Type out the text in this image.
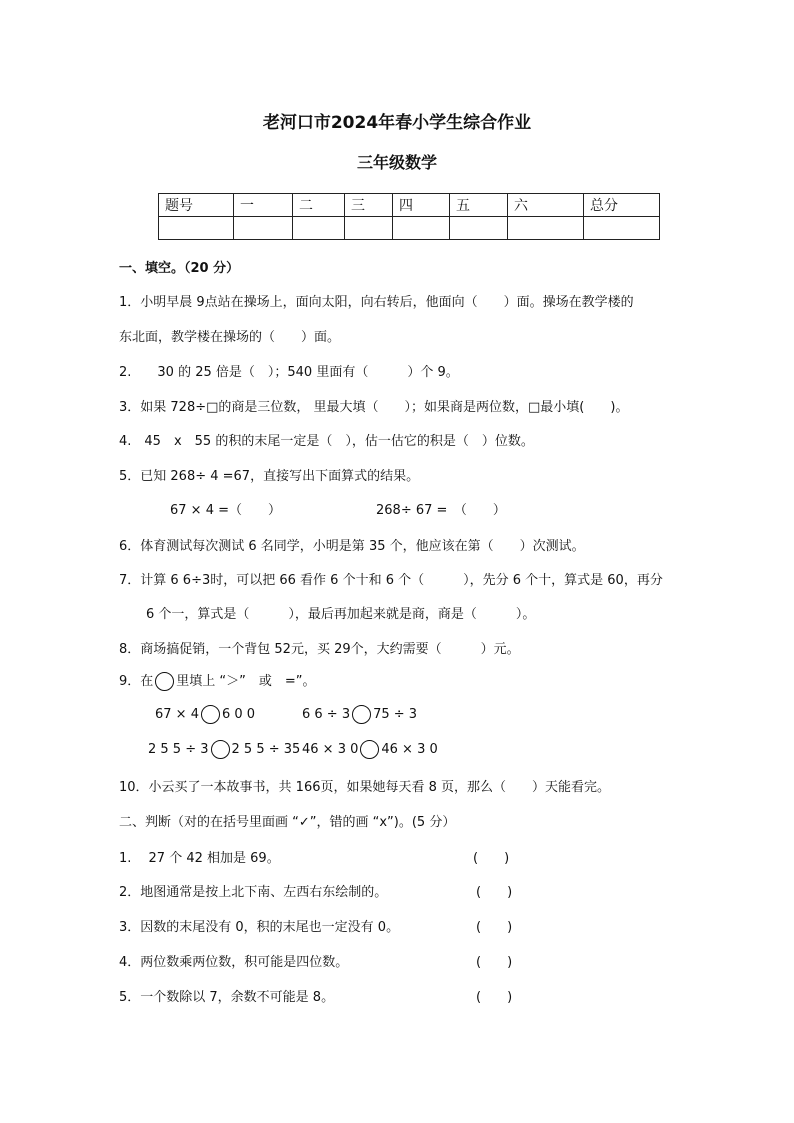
老河口市2024年春小学生综合作业
三年级数学
题号	一	二	三	四	五	六	总分

一、填空。（20 分）
1．小明早晨 9点站在操场上，面向太阳，向右转后，他面向（　　）面。操场在教学楼的
东北面，教学楼在操场的（　　）面。
2.　　30 的 25 倍是（　）；540 里面有（　　　）个 9。
3．如果 728÷□的商是三位数， 里最大填（　　）；如果商是两位数，□最小填(　　)。
4.　45　x　55 的积的末尾一定是（　），估一估它的积是（　）位数。
5．已知 268÷ 4 =67，直接写出下面算式的结果。
67 × 4 =（　　）	268÷ 67 =　（　　）
6．体育测试每次测试 6 名同学，小明是第 35 个，他应该在第（　　）次测试。
7．计算 6 6÷3时，可以把 66 看作 6 个十和 6 个（　　　），先分 6 个十，算式是 60，再分
6 个一，算式是（　　　），最后再加起来就是商，商是（　　　）。
8．商场搞促销，一个背包 52元，买 29个，大约需要（　　　）元。
9．在 里填上 “＞”　或　=”。
67 × 4 6 0 0	6 6 ÷ 3 75 ÷ 3
2 5 5 ÷ 3 2 5 5 ÷ 35 46 × 3 0 46 × 3 0
10．小云买了一本故事书，共 166页，如果她每天看 8 页，那么（　　）天能看完。
二、判断（对的在括号里面画 “✓”，错的画 “x”)。(5 分）
1.　 27 个 42 相加是 69。	(　　)
2．地图通常是按上北下南、左西右东绘制的。	(　　)
3．因数的末尾没有 0，积的末尾也一定没有 0。	(　　)
4．两位数乘两位数，积可能是四位数。	(　　)
5．一个数除以 7，余数不可能是 8。	(　　)
